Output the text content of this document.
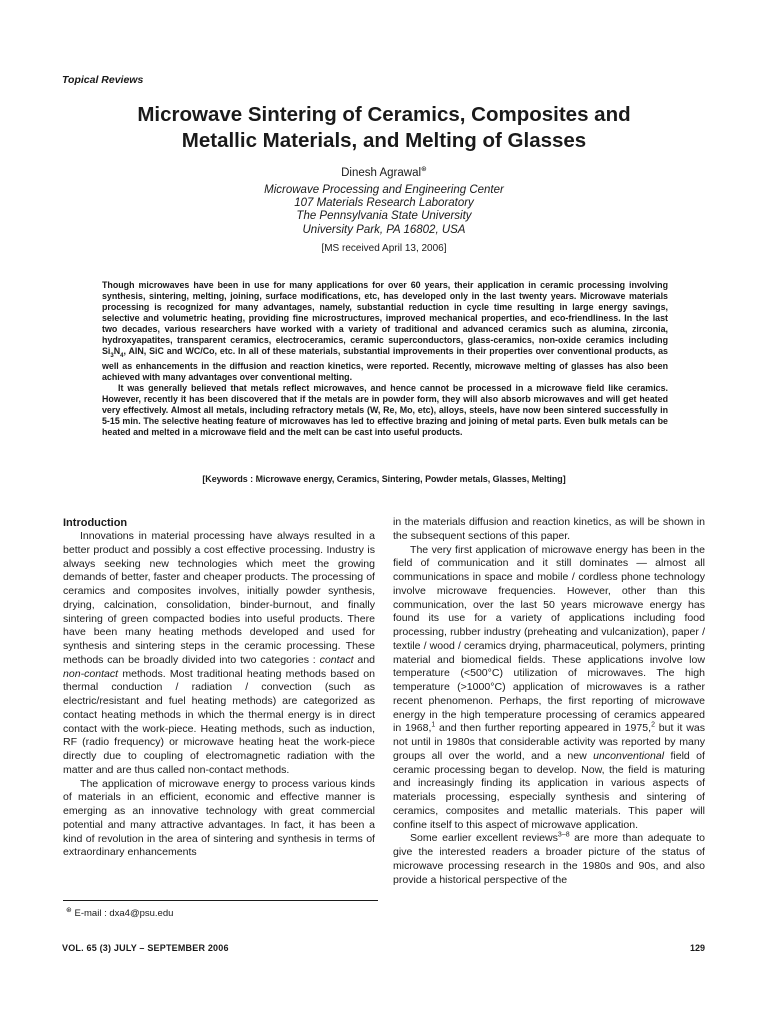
Topical Reviews
Microwave Sintering of Ceramics, Composites and
Metallic Materials, and Melting of Glasses
Dinesh Agrawal⊛
Microwave Processing and Engineering Center
107 Materials Research Laboratory
The Pennsylvania State University
University Park, PA 16802, USA
[MS received April 13, 2006]

Though microwaves have been in use for many applications for over 60 years, their application in ceramic processing involving synthesis, sintering, melting, joining, surface modifications, etc, has developed only in the last twenty years. Microwave materials processing is recognized for many advantages, namely, substantial reduction in cycle time resulting in large energy savings, selective and volumetric heating, providing fine microstructures, improved mechanical properties, and eco-friendliness. In the last two decades, various researchers have worked with a variety of traditional and advanced ceramics such as alumina, zirconia, hydroxyapatites, transparent ceramics, electroceramics, ceramic superconductors, glass-ceramics, non-oxide ceramics including $Si_3N_4$, AlN, SiC and WC/Co, etc. In all of these materials, substantial improvements in their properties over conventional products, as well as enhancements in the diffusion and reaction kinetics, were reported. Recently, microwave melting of glasses has also been achieved with many advantages over conventional melting.

It was generally believed that metals reflect microwaves, and hence cannot be processed in a microwave field like ceramics. However, recently it has been discovered that if the metals are in powder form, they will also absorb microwaves and will get heated very effectively. Almost all metals, including refractory metals (W, Re, Mo, etc), alloys, steels, have now been sintered successfully in 5-15 min. The selective heating feature of microwaves has led to effective brazing and joining of metal parts. Even bulk metals can be heated and melted in a microwave field and the melt can be cast into useful products.

[Keywords : Microwave energy, Ceramics, Sintering, Powder metals, Glasses, Melting]
Introduction

Innovations in material processing have always resulted in a better product and possibly a cost effective processing. Industry is always seeking new technologies which meet the growing demands of better, faster and cheaper products. The processing of ceramics and composites involves, initially powder synthesis, drying, calcination, consolidation, binder-burnout, and finally sintering of green compacted bodies into useful products. There have been many heating methods developed and used for synthesis and sintering steps in the ceramic processing. These methods can be broadly divided into two categories : contact and non-contact methods. Most traditional heating methods based on thermal conduction / radiation / convection (such as electric/resistant and fuel heating methods) are categorized as contact heating methods in which the thermal energy is in direct contact with the work-piece. Heating methods, such as induction, RF (radio frequency) or microwave heating heat the work-piece directly due to coupling of electromagnetic radiation with the matter and are thus called non-contact methods.

The application of microwave energy to process various kinds of materials in an efficient, economic and effective manner is emerging as an innovative technology with great commercial potential and many attractive advantages. In fact, it has been a kind of revolution in the area of sintering and synthesis in terms of extraordinary enhancements

in the materials diffusion and reaction kinetics, as will be shown in the subsequent sections of this paper.

The very first application of microwave energy has been in the field of communication and it still dominates — almost all communications in space and mobile / cordless phone technology involve microwave frequencies. However, other than this communication, over the last 50 years microwave energy has found its use for a variety of applications including food processing, rubber industry (preheating and vulcanization), paper / textile / wood / ceramics drying, pharmaceutical, polymers, printing material and biomedical fields. These applications involve low temperature (<500°C) utilization of microwaves. The high temperature (>1000°C) application of microwaves is a rather recent phenomenon. Perhaps, the first reporting of microwave energy in the high temperature processing of ceramics appeared in 1968,$^1$ and then further reporting appeared in 1975,$^2$ but it was not until in 1980s that considerable activity was reported by many groups all over the world, and a new unconventional field of ceramic processing began to develop. Now, the field is maturing and increasingly finding its application in various aspects of materials processing, especially synthesis and sintering of ceramics, composites and metallic materials. This paper will confine itself to this aspect of microwave application.

Some earlier excellent reviews$^{3-8}$ are more than adequate to give the interested readers a broader picture of the status of microwave processing research in the 1980s and 90s, and also provide a historical perspective of the

⊛ E-mail : dxa4@psu.edu
VOL. 65 (3) JULY – SEPTEMBER 2006	129
